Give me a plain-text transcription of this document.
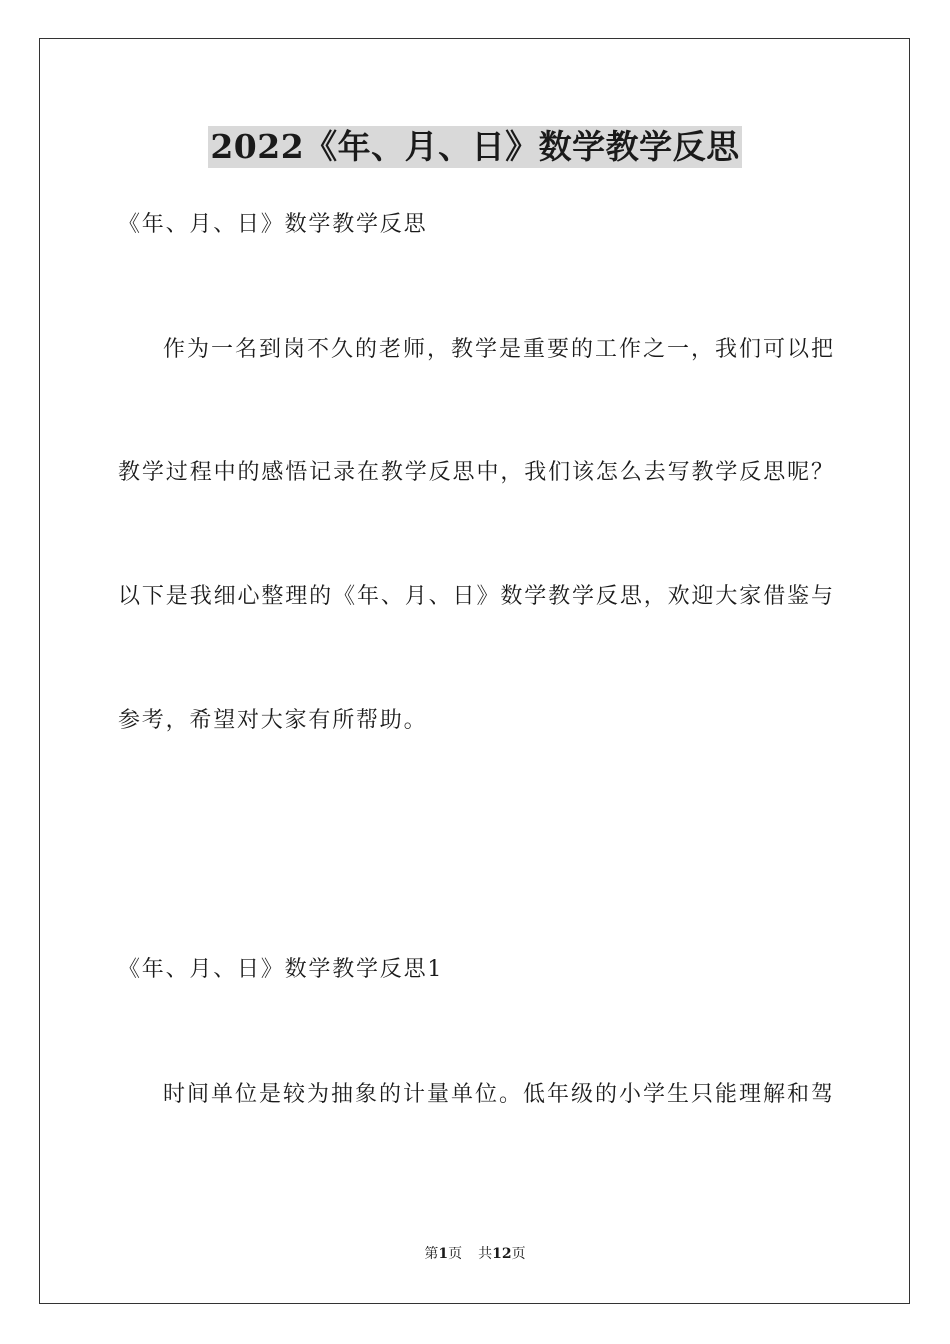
2022《年、月、日》数学教学反思
《年、月、日》数学教学反思
作为一名到岗不久的老师，教学是重要的工作之一，我们可以把
教学过程中的感悟记录在教学反思中，我们该怎么去写教学反思呢？
以下是我细心整理的《年、月、日》数学教学反思，欢迎大家借鉴与
参考，希望对大家有所帮助。
《年、月、日》数学教学反思1
时间单位是较为抽象的计量单位。低年级的小学生只能理解和驾
第1页 共12页
